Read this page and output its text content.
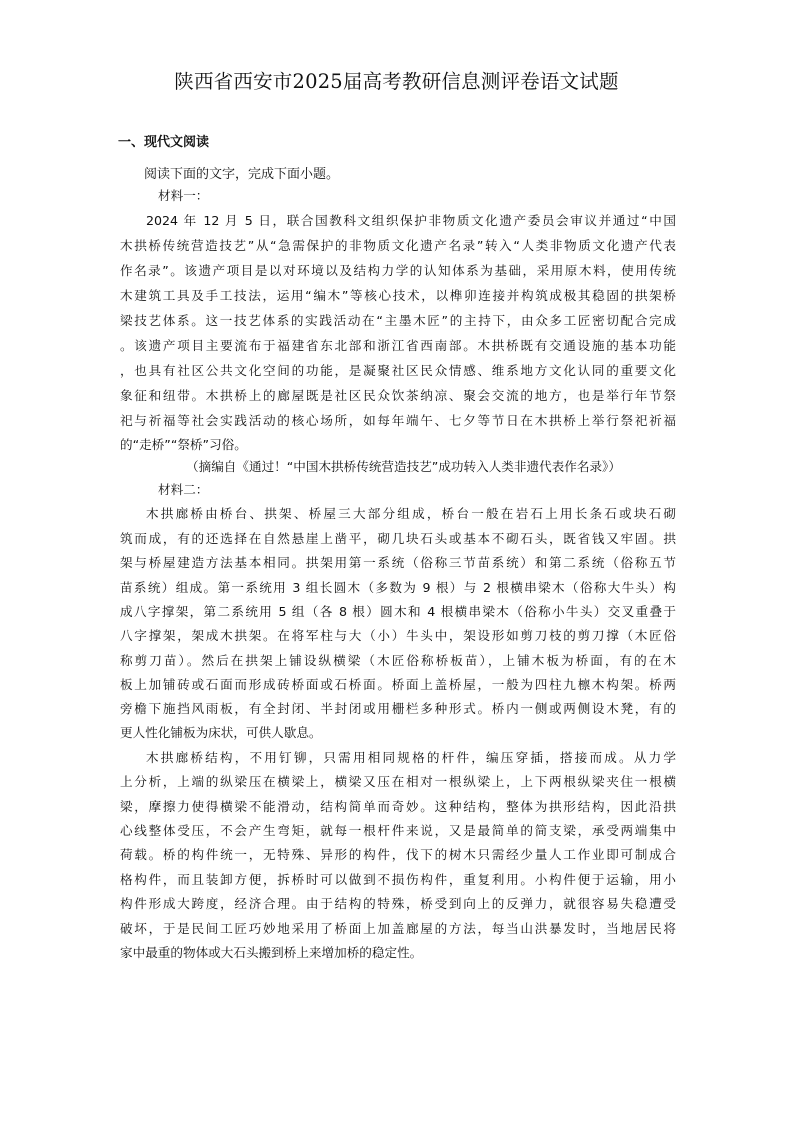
陕西省西安市2025届高考教研信息测评卷语文试题
一、现代文阅读
阅读下面的文字，完成下面小题。
材料一：
2024 年 12 月 5 日，联合国教科文组织保护非物质文化遗产委员会审议并通过“中国
木拱桥传统营造技艺”从“急需保护的非物质文化遗产名录”转入“人类非物质文化遗产代表
作名录”。该遗产项目是以对环境以及结构力学的认知体系为基础，采用原木料，使用传统
木建筑工具及手工技法，运用“编木”等核心技术，以榫卯连接并构筑成极其稳固的拱架桥
梁技艺体系。这一技艺体系的实践活动在“主墨木匠”的主持下，由众多工匠密切配合完成
。该遗产项目主要流布于福建省东北部和浙江省西南部。木拱桥既有交通设施的基本功能
，也具有社区公共文化空间的功能，是凝聚社区民众情感、维系地方文化认同的重要文化
象征和纽带。木拱桥上的廊屋既是社区民众饮茶纳凉、聚会交流的地方，也是举行年节祭
祀与祈福等社会实践活动的核心场所，如每年端午、七夕等节日在木拱桥上举行祭祀祈福
的“走桥”“祭桥”习俗。
（摘编自《通过！“中国木拱桥传统营造技艺”成功转入人类非遗代表作名录》）
材料二：
木拱廊桥由桥台、拱架、桥屋三大部分组成，桥台一般在岩石上用长条石或块石砌
筑而成，有的还选择在自然悬崖上凿平，砌几块石头或基本不砌石头，既省钱又牢固。拱
架与桥屋建造方法基本相同。拱架用第一系统（俗称三节苗系统）和第二系统（俗称五节
苗系统）组成。第一系统用 3 组长圆木（多数为 9 根）与 2 根横串梁木（俗称大牛头）构
成八字撑架，第二系统用 5 组（各 8 根）圆木和 4 根横串梁木（俗称小牛头）交叉重叠于
八字撑架，架成木拱架。在将军柱与大（小）牛头中，架设形如剪刀枝的剪刀撑（木匠俗
称剪刀苗）。然后在拱架上铺设纵横梁（木匠俗称桥板苗），上铺木板为桥面，有的在木
板上加铺砖或石面而形成砖桥面或石桥面。桥面上盖桥屋，一般为四柱九檩木构架。桥两
旁檐下施挡风雨板，有全封闭、半封闭或用栅栏多种形式。桥内一侧或两侧设木凳，有的
更人性化铺板为床状，可供人歇息。
木拱廊桥结构，不用钉铆，只需用相同规格的杆件，编压穿插，搭接而成。从力学
上分析，上端的纵梁压在横梁上，横梁又压在相对一根纵梁上，上下两根纵梁夹住一根横
梁，摩擦力使得横梁不能滑动，结构简单而奇妙。这种结构，整体为拱形结构，因此沿拱
心线整体受压，不会产生弯矩，就每一根杆件来说，又是最简单的简支梁，承受两端集中
荷载。桥的构件统一，无特殊、异形的构件，伐下的树木只需经少量人工作业即可制成合
格构件，而且装卸方便，拆桥时可以做到不损伤构件，重复利用。小构件便于运输，用小
构件形成大跨度，经济合理。由于结构的特殊，桥受到向上的反弹力，就很容易失稳遭受
破坏，于是民间工匠巧妙地采用了桥面上加盖廊屋的方法，每当山洪暴发时，当地居民将
家中最重的物体或大石头搬到桥上来增加桥的稳定性。
